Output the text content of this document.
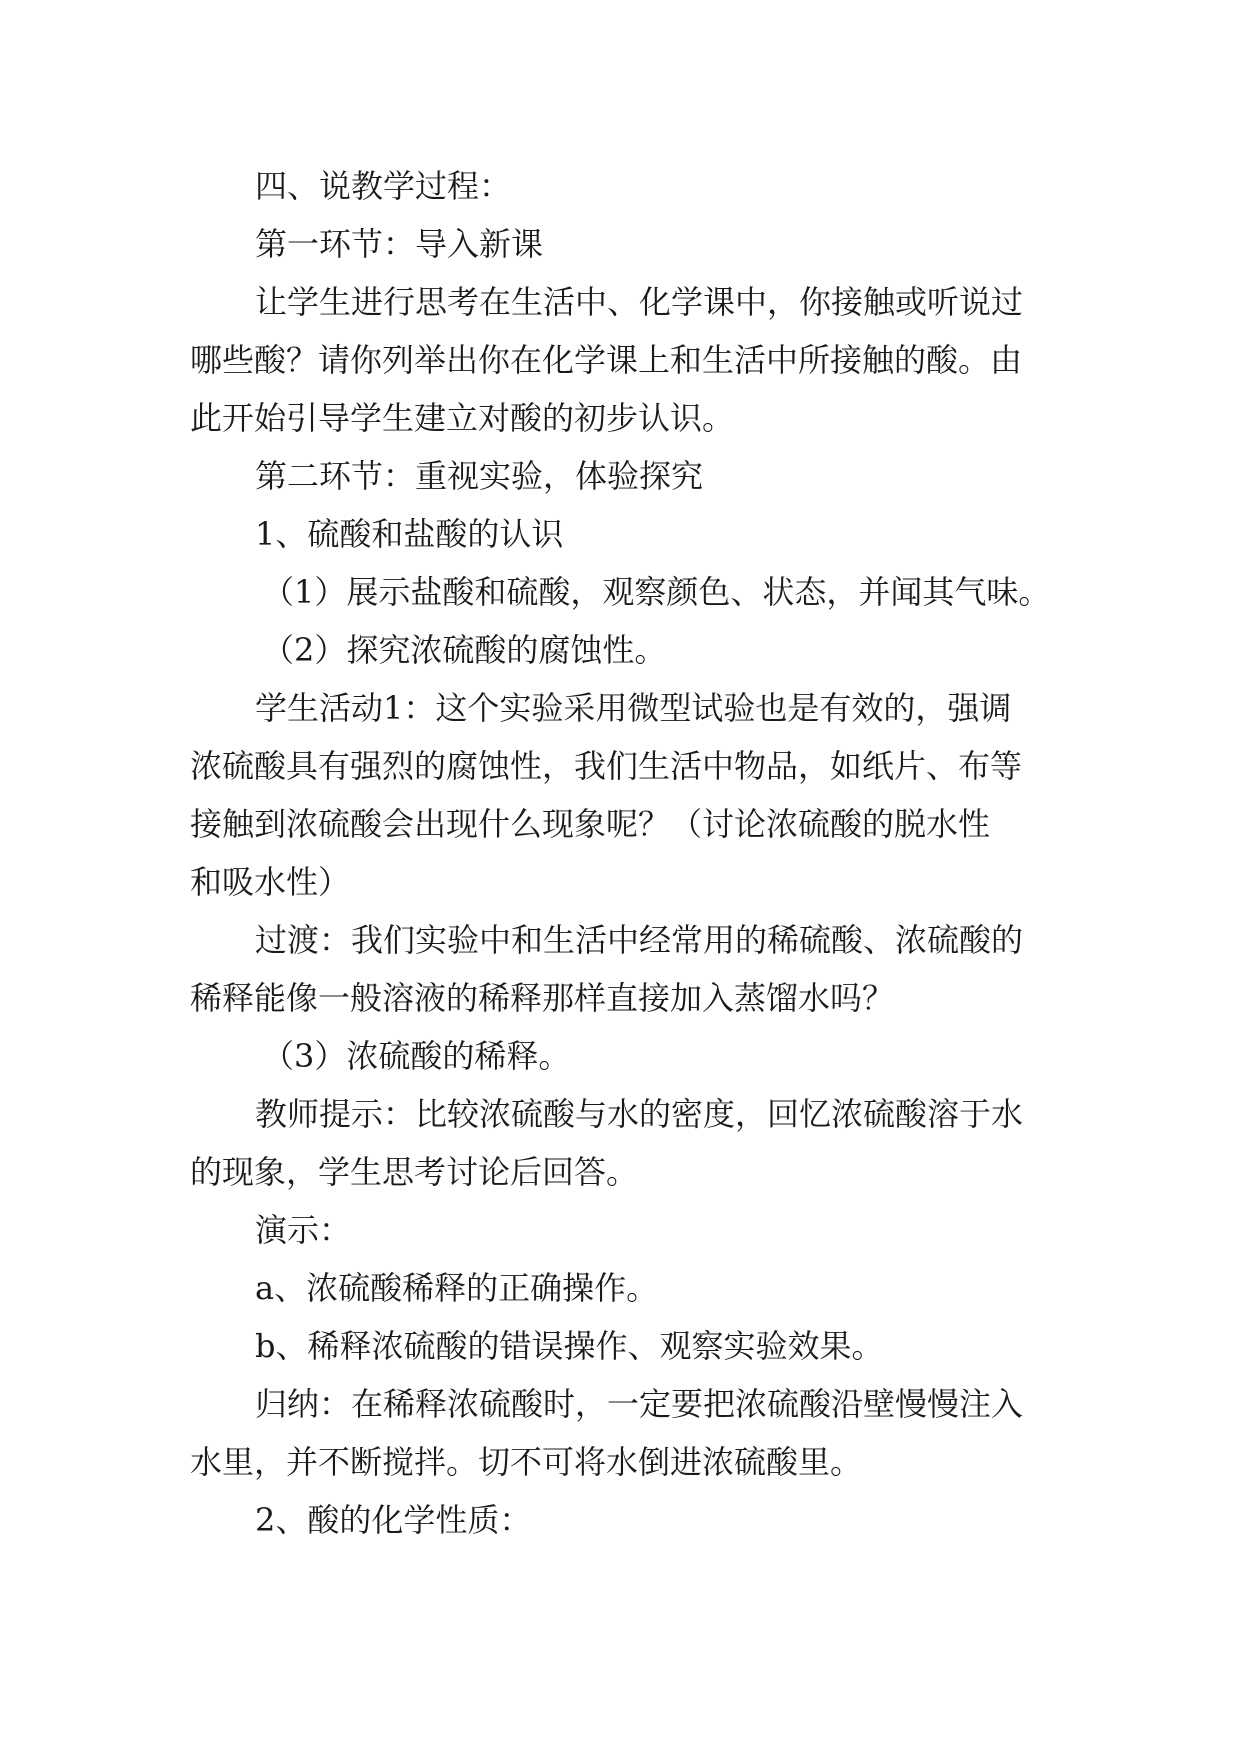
四、说教学过程：
第一环节：导入新课
让学生进行思考在生活中、化学课中，你接触或听说过
哪些酸？请你列举出你在化学课上和生活中所接触的酸。由
此开始引导学生建立对酸的初步认识。
第二环节：重视实验，体验探究
1、硫酸和盐酸的认识
（1）展示盐酸和硫酸，观察颜色、状态，并闻其气味。
（2）探究浓硫酸的腐蚀性。
学生活动1：这个实验采用微型试验也是有效的，强调
浓硫酸具有强烈的腐蚀性，我们生活中物品，如纸片、布等
接触到浓硫酸会出现什么现象呢？（讨论浓硫酸的脱水性
和吸水性）
过渡：我们实验中和生活中经常用的稀硫酸、浓硫酸的
稀释能像一般溶液的稀释那样直接加入蒸馏水吗？
（3）浓硫酸的稀释。
教师提示：比较浓硫酸与水的密度，回忆浓硫酸溶于水
的现象，学生思考讨论后回答。
演示：
a、浓硫酸稀释的正确操作。
b、稀释浓硫酸的错误操作、观察实验效果。
归纳：在稀释浓硫酸时，一定要把浓硫酸沿壁慢慢注入
水里，并不断搅拌。切不可将水倒进浓硫酸里。
2、酸的化学性质：
